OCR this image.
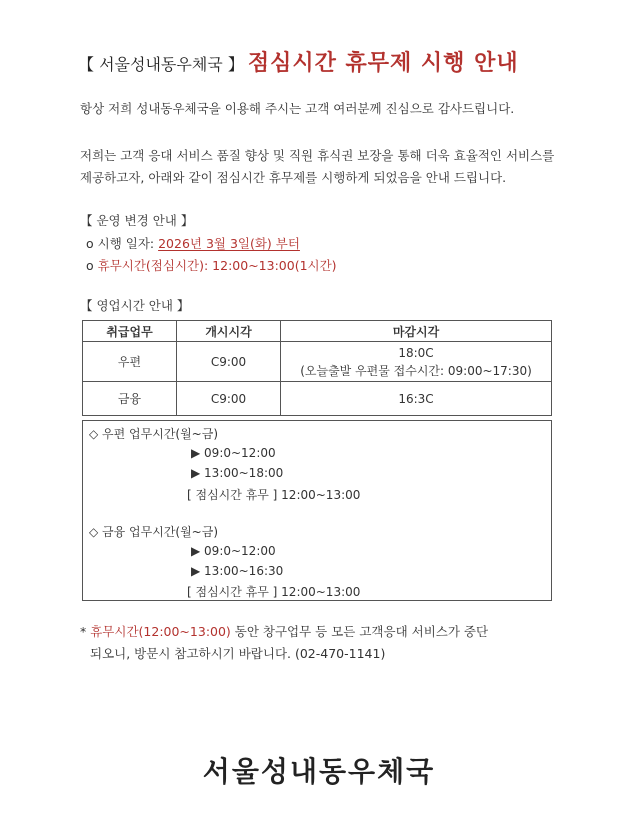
【 서울성내동우체국 】 점심시간 휴무제 시행 안내
항상 저희 성내동우체국을 이용해 주시는 고객 여러분께 진심으로 감사드립니다.
저희는 고객 응대 서비스 품질 향상 및 직원 휴식권 보장을 통해 더욱 효율적인 서비스를
제공하고자, 아래와 같이 점심시간 휴무제를 시행하게 되었음을 안내 드립니다.
【 운영 변경 안내 】
o 시행 일자: 2026년 3월 3일(화) 부터
o 휴무시간(점심시간): 12:00~13:00(1시간)
【 영업시간 안내 】
취급업무	개시시각	마감시각
우편	C9:00	18:0C
(오늘출발 우편물 접수시간: 09:00~17:30)

금융	C9:00	16:3C
◇ 우편 업무시간(월~금)
▶ 09:0~12:00
▶ 13:00~18:00
[ 점심시간 휴무 ] 12:00~13:00
◇ 금융 업무시간(월~금)
▶ 09:0~12:00
▶ 13:00~16:30
[ 점심시간 휴무 ] 12:00~13:00
* 휴무시간(12:00~13:00) 동안 창구업무 등 모든 고객응대 서비스가 중단
되오니, 방문시 참고하시기 바랍니다. (02-470-1141)
서울성내동우체국
